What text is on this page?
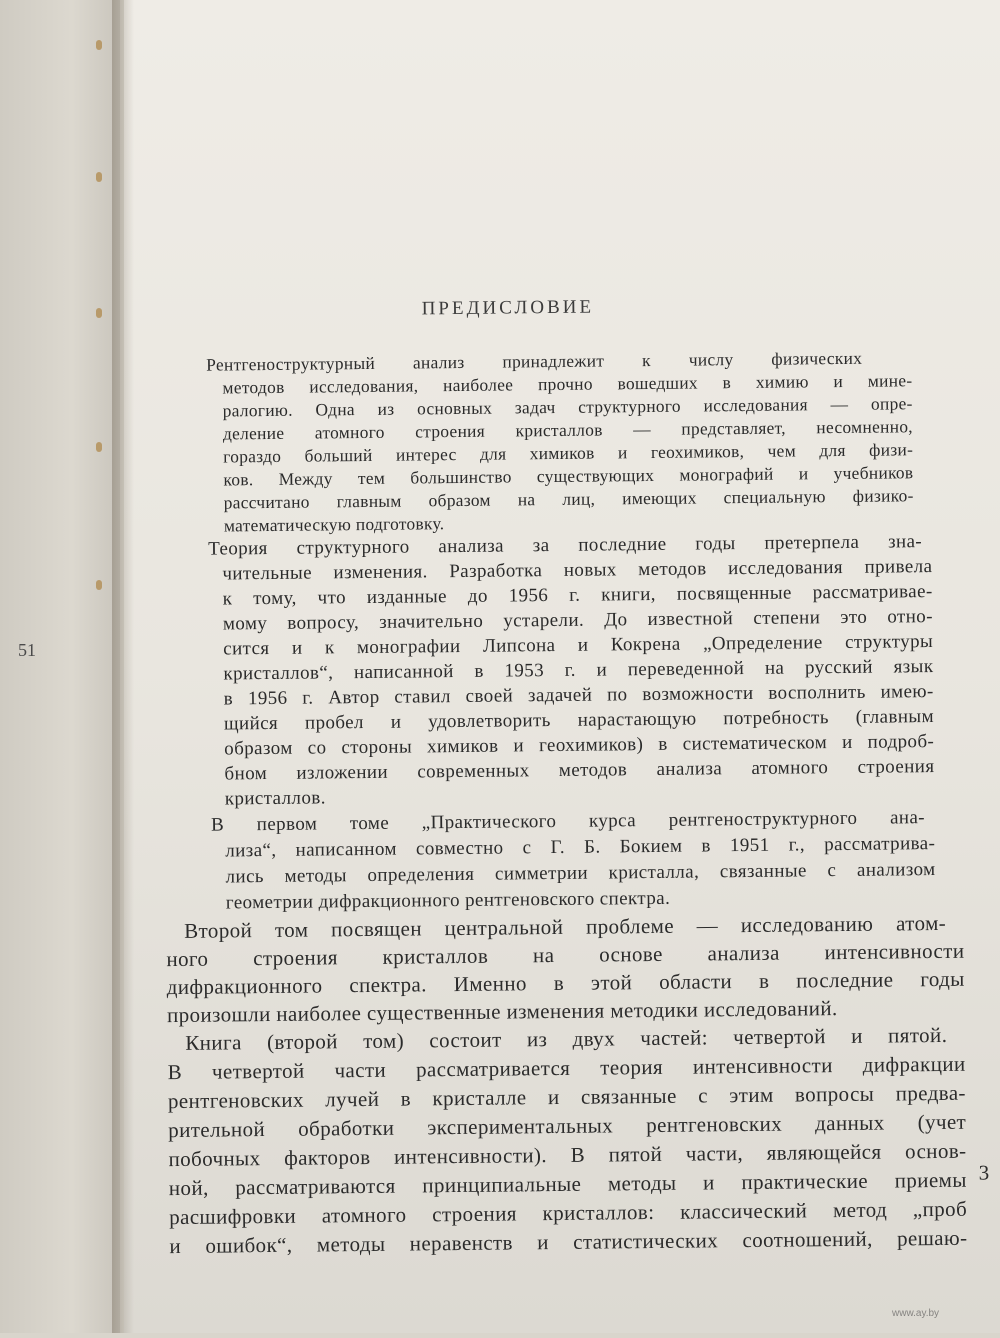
51
ПРЕДИСЛОВИЕ
Рентгеноструктурный анализ принадлежит к числу физических
методов исследования, наиболее прочно вошедших в химию и мине-
ралогию. Одна из основных задач структурного исследования — опре-
деление атомного строения кристаллов — представляет, несомненно,
гораздо больший интерес для химиков и геохимиков, чем для физи-
ков. Между тем большинство существующих монографий и учебников
рассчитано главным образом на лиц, имеющих специальную физико-
математическую подготовку.
Теория структурного анализа за последние годы претерпела зна-
чительные изменения. Разработка новых методов исследования привела
к тому, что изданные до 1956 г. книги, посвященные рассматривае-
мому вопросу, значительно устарели. До известной степени это отно-
сится и к монографии Липсона и Кокрена „Определение структуры
кристаллов“, написанной в 1953 г. и переведенной на русский язык
в 1956 г. Автор ставил своей задачей по возможности восполнить имею-
щийся пробел и удовлетворить нарастающую потребность (главным
образом со стороны химиков и геохимиков) в систематическом и подроб-
бном изложении современных методов анализа атомного строения
кристаллов.
В первом томе „Практического курса рентгеноструктурного ана-
лиза“, написанном совместно с Г. Б. Бокием в 1951 г., рассматрива-
лись методы определения симметрии кристалла, связанные с анализом
геометрии дифракционного рентгеновского спектра.
Второй том посвящен центральной проблеме — исследованию атом-
ного строения кристаллов на основе анализа интенсивности
дифракционного спектра. Именно в этой области в последние годы
произошли наиболее существенные изменения методики исследований.
Книга (второй том) состоит из двух частей: четвертой и пятой.
В четвертой части рассматривается теория интенсивности дифракции
рентгеновских лучей в кристалле и связанные с этим вопросы предва-
рительной обработки экспериментальных рентгеновских данных (учет
побочных факторов интенсивности). В пятой части, являющейся основ-
ной, рассматриваются принципиальные методы и практические приемы
расшифровки атомного строения кристаллов: классический метод „проб
и ошибок“, методы неравенств и статистических соотношений, решаю-
3
www.ay.by
